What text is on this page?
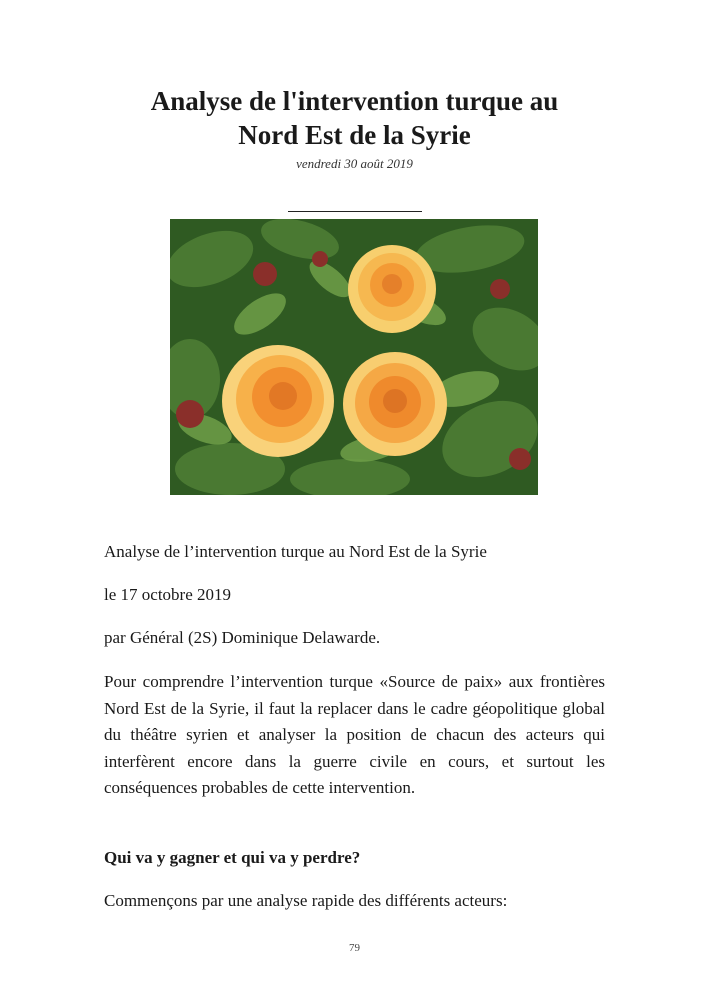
Analyse de l'intervention turque au
Nord Est de la Syrie
vendredi 30 août 2019

Analyse de l’intervention turque au Nord Est de la Syrie

le 17 octobre 2019

par Général (2S) Dominique Delawarde.

Pour comprendre l’intervention turque «Source de paix» aux frontières Nord Est de la Syrie, il faut la replacer dans le cadre géopolitique global du théâtre syrien et analyser la position de chacun des acteurs qui interfèrent encore dans la guerre civile en cours, et surtout les conséquences probables de cette intervention.

Qui va y gagner et qui va y perdre?

Commençons par une analyse rapide des différents acteurs:

79
